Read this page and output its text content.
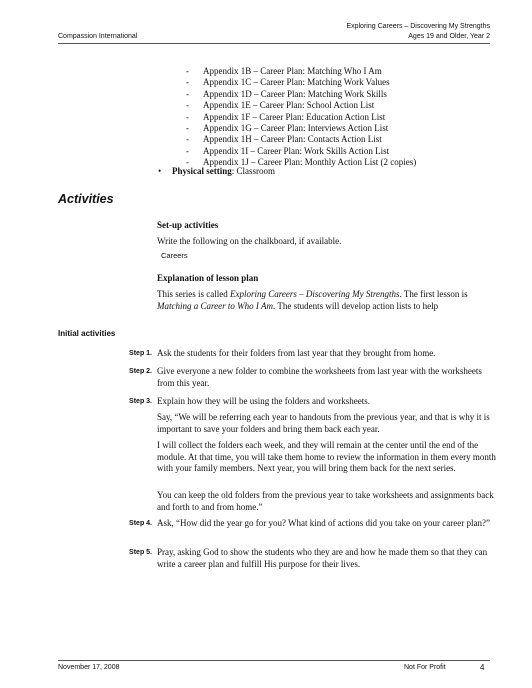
Compassion International
Exploring Careers – Discovering My Strengths
Ages 19 and Older, Year 2
- Appendix 1B – Career Plan: Matching Who I Am
- Appendix 1C – Career Plan: Matching Work Values
- Appendix 1D – Career Plan: Matching Work Skills
- Appendix 1E – Career Plan: School Action List
- Appendix 1F – Career Plan: Education Action List
- Appendix 1G – Career Plan: Interviews Action List
- Appendix 1H – Career Plan: Contacts Action List
- Appendix 1I – Career Plan: Work Skills Action List
- Appendix 1J – Career Plan: Monthly Action List (2 copies)
• Physical setting: Classroom
Activities
Set-up activities
Write the following on the chalkboard, if available.
Careers
Explanation of lesson plan
This series is called Exploring Careers – Discovering My Strengths. The first lesson is Matching a Career to Who I Am. The students will develop action lists to help
Initial activities
Step 1. Ask the students for their folders from last year that they brought from home.
Step 2. Give everyone a new folder to combine the worksheets from last year with the worksheets from this year.
Step 3. Explain how they will be using the folders and worksheets.
Say, “We will be referring each year to handouts from the previous year, and that is why it is important to save your folders and bring them back each year.
I will collect the folders each week, and they will remain at the center until the end of the module. At that time, you will take them home to review the information in them every month with your family members. Next year, you will bring them back for the next series.
You can keep the old folders from the previous year to take worksheets and assignments back and forth to and from home.”
Step 4. Ask, “How did the year go for you? What kind of actions did you take on your career plan?”
Step 5. Pray, asking God to show the students who they are and how he made them so that they can write a career plan and fulfill His purpose for their lives.
November 17, 2008	Not For Profit	4
